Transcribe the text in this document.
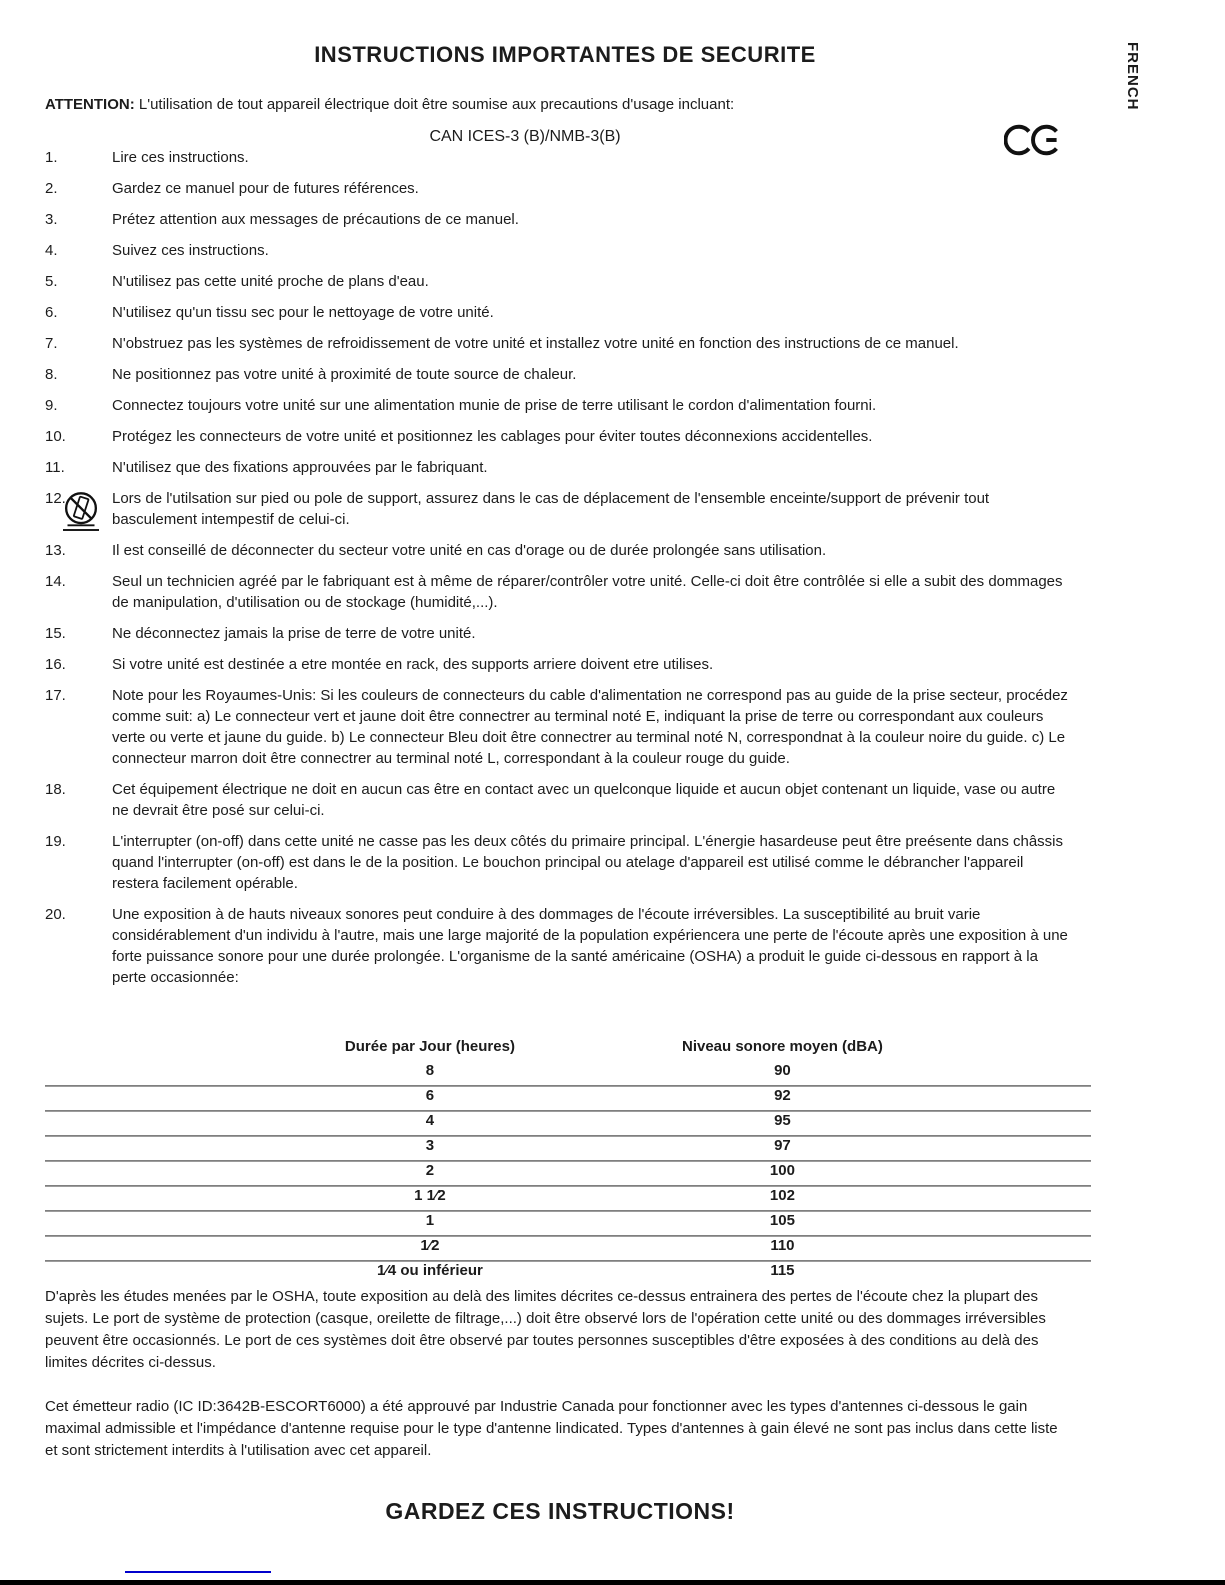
FRENCH
INSTRUCTIONS IMPORTANTES DE SECURITE
ATTENTION: L'utilisation de tout appareil électrique doit être soumise aux precautions d'usage incluant:
CAN ICES-3 (B)/NMB-3(B)
1.	Lire ces instructions.
2.	Gardez ce manuel pour de futures références.
3.	Prétez attention aux messages de précautions de ce manuel.
4.	Suivez ces instructions.
5.	N'utilisez pas cette unité proche de plans d'eau.
6.	N'utilisez qu'un tissu sec pour le nettoyage de votre unité.
7.	N'obstruez pas les systèmes de refroidissement de votre unité et installez votre unité en fonction des instructions de ce manuel.
8.	Ne positionnez pas votre unité à proximité de toute source de chaleur.
9.	Connectez toujours votre unité sur une alimentation munie de prise de terre utilisant le cordon d'alimentation fourni.
10.	Protégez les connecteurs de votre unité et positionnez les cablages pour éviter toutes déconnexions accidentelles.
11.	N'utilisez que des fixations approuvées par le fabriquant.
12.	Lors de l'utilsation sur pied ou pole de support, assurez dans le cas de déplacement de l'ensemble enceinte/support de prévenir tout basculement intempestif de celui-ci.
13.	Il est conseillé de déconnecter du secteur votre unité en cas d'orage ou de durée prolongée sans utilisation.
14.	Seul un technicien agréé par le fabriquant est à même de réparer/contrôler votre unité. Celle-ci doit être contrôlée si elle a subit des dommages de manipulation, d'utilisation ou de stockage (humidité,...).
15.	Ne déconnectez jamais la prise de terre de votre unité.
16.	Si votre unité est destinée a etre montée en rack, des supports arriere doivent etre utilises.
17.	Note pour les Royaumes-Unis: Si les couleurs de connecteurs du cable d'alimentation ne correspond pas au guide de la prise secteur, procédez comme suit: a) Le connecteur vert et jaune doit être connectrer au terminal noté E, indiquant la prise de terre ou correspondant aux couleurs verte ou verte et jaune du guide. b) Le connecteur Bleu doit être connectrer au terminal noté N, correspondnat à la couleur noire du guide. c) Le connecteur marron doit être connectrer au terminal noté L, correspondant à la couleur rouge du guide.
18.	Cet équipement électrique ne doit en aucun cas être en contact avec un quelconque liquide et aucun objet contenant un liquide, vase ou autre ne devrait être posé sur celui-ci.
19.	L'interrupter (on-off) dans cette unité ne casse pas les deux côtés du primaire principal. L'énergie hasardeuse peut être preésente dans châssis quand l'interrupter (on-off) est dans le de la position. Le bouchon principal ou atelage d'appareil est utilisé comme le débrancher l'appareil restera facilement opérable.
20.	Une exposition à de hauts niveaux sonores peut conduire à des dommages de l'écoute irréversibles. La susceptibilité au bruit varie considérablement d'un individu à l'autre, mais une large majorité de la population expériencera une perte de l'écoute après une exposition à une forte puissance sonore pour une durée prolongée. L'organisme de la santé américaine (OSHA) a produit le guide ci-dessous en rapport à la perte occasionnée:
Durée par Jour (heures)	Niveau sonore moyen (dBA)
8	90
6	92
4	95
3	97
2	100
1 1⁄2	102
1	105
1⁄2	110
1⁄4 ou inférieur	115
D'après les études menées par le OSHA, toute exposition au delà des limites décrites ce-dessus entrainera des pertes de l'écoute chez la plupart des sujets. Le port de système de protection (casque, oreilette de filtrage,...) doit être observé lors de l'opération cette unité ou des dommages irréversibles peuvent être occasionnés. Le port de ces systèmes doit être observé par toutes personnes susceptibles d'être exposées à des conditions au delà des limites décrites ci-dessus.
Cet émetteur radio (IC ID:3642B-ESCORT6000) a été approuvé par Industrie Canada pour fonctionner avec les types d'antennes ci-dessous le gain maximal admissible et l'impédance d'antenne requise pour le type d'antenne lindicated. Types d'antennes à gain élevé ne sont pas inclus dans cette liste et sont strictement interdits à l'utilisation avec cet appareil.
GARDEZ CES INSTRUCTIONS!
